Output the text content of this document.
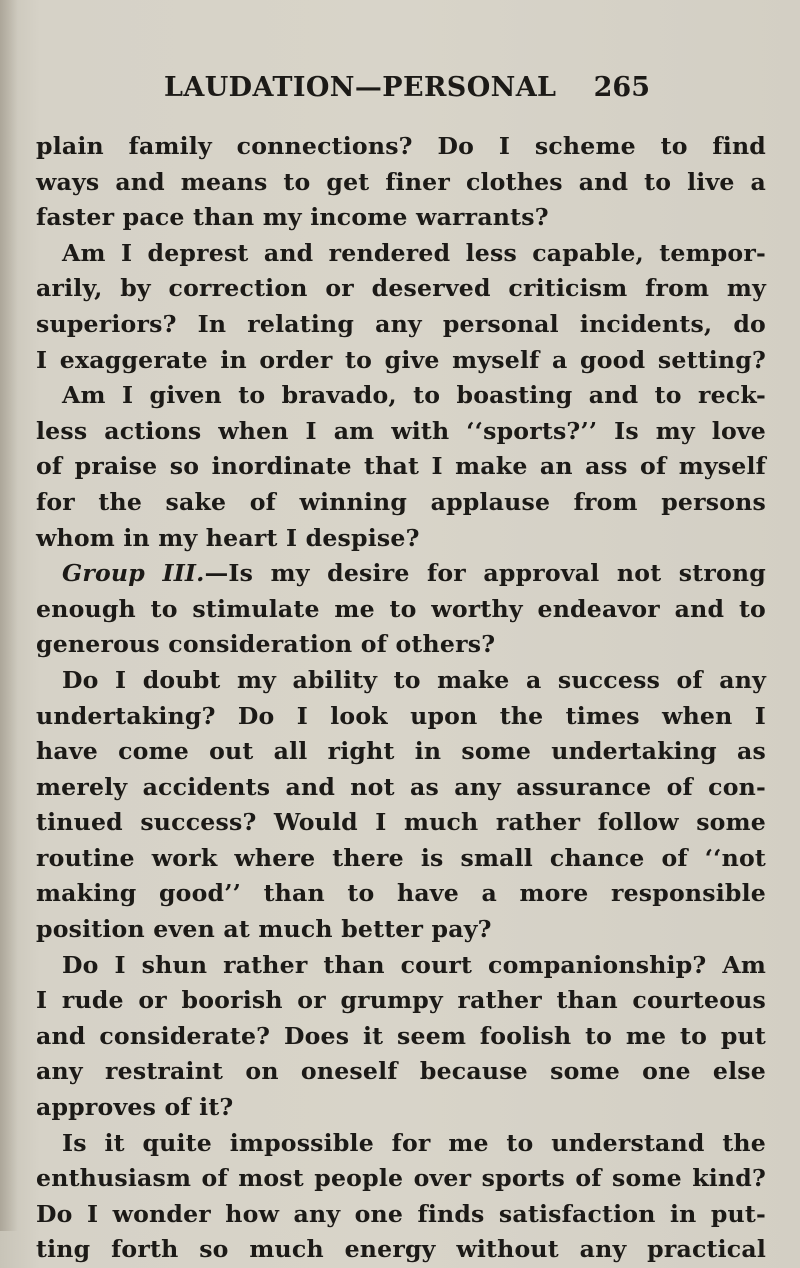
LAUDATION—PERSONAL 265
plain family connections? Do I scheme to find
ways and means to get finer clothes and to live a
faster pace than my income warrants?
Am I deprest and rendered less capable, tempor-
arily, by correction or deserved criticism from my
superiors? In relating any personal incidents, do
I exaggerate in order to give myself a good setting?
Am I given to bravado, to boasting and to reck-
less actions when I am with ‘‘sports?’’ Is my love
of praise so inordinate that I make an ass of myself
for the sake of winning applause from persons
whom in my heart I despise?
Group III.—Is my desire for approval not strong
enough to stimulate me to worthy endeavor and to
generous consideration of others?
Do I doubt my ability to make a success of any
undertaking? Do I look upon the times when I
have come out all right in some undertaking as
merely accidents and not as any assurance of con-
tinued success? Would I much rather follow some
routine work where there is small chance of ‘‘not
making good’’ than to have a more responsible
position even at much better pay?
Do I shun rather than court companionship? Am
I rude or boorish or grumpy rather than courteous
and considerate? Does it seem foolish to me to put
any restraint on oneself because some one else
approves of it?
Is it quite impossible for me to understand the
enthusiasm of most people over sports of some kind?
Do I wonder how any one finds satisfaction in put-
ting forth so much energy without any practical
